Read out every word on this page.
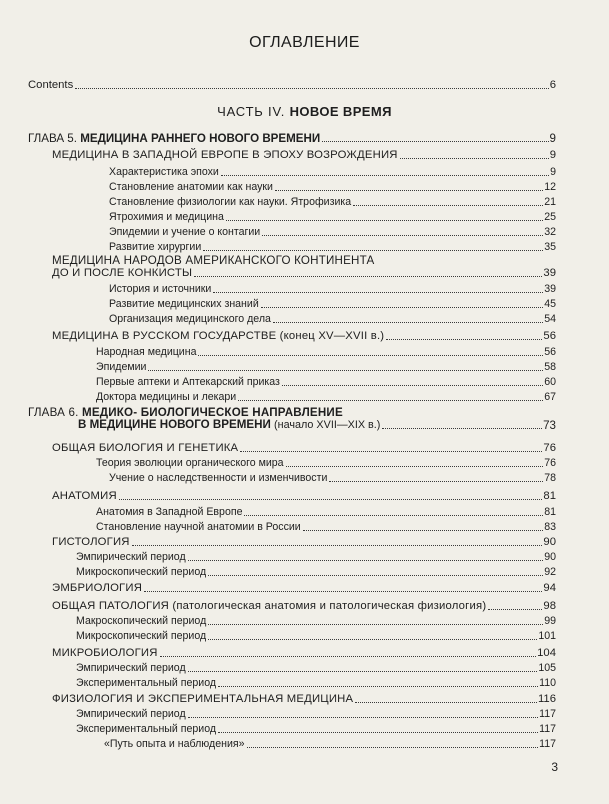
ОГЛАВЛЕНИЕ
Contents	6
ЧАСТЬ IV. НОВОЕ ВРЕМЯ
ГЛАВА 5. МЕДИЦИНА РАННЕГО НОВОГО ВРЕМЕНИ	9
МЕДИЦИНА В ЗАПАДНОЙ ЕВРОПЕ В ЭПОХУ ВОЗРОЖДЕНИЯ	9
Характеристика эпохи	9
Становление анатомии как науки	12
Становление физиологии как науки. Ятрофизика	21
Ятрохимия и медицина	25
Эпидемии и учение о контагии	32
Развитие хирургии	35
МЕДИЦИНА НАРОДОВ АМЕРИКАНСКОГО КОНТИНЕНТА
ДО И ПОСЛЕ КОНКИСТЫ	39
История и источники	39
Развитие медицинских знаний	45
Организация медицинского дела	54
МЕДИЦИНА В РУССКОМ ГОСУДАРСТВЕ (конец XV—XVII в.)	56
Народная медицина	56
Эпидемии	58
Первые аптеки и Аптекарский приказ	60
Доктора медицины и лекари	67
ГЛАВА 6. МЕДИКО- БИОЛОГИЧЕСКОЕ НАПРАВЛЕНИЕ
В МЕДИЦИНЕ НОВОГО ВРЕМЕНИ (начало XVII—XIX в.)	73
ОБЩАЯ БИОЛОГИЯ И ГЕНЕТИКА	76
Теория эволюции органического мира	76
Учение о наследственности и изменчивости	78
АНАТОМИЯ	81
Анатомия в Западной Европе	81
Становление научной анатомии в России	83
ГИСТОЛОГИЯ	90
Эмпирический период	90
Микроскопический период	92
ЭМБРИОЛОГИЯ	94
ОБЩАЯ ПАТОЛОГИЯ (патологическая анатомия и патологическая физиология)	98
Макроскопический период	99
Микроскопический период	101
МИКРОБИОЛОГИЯ	104
Эмпирический период	105
Экспериментальный период	110
ФИЗИОЛОГИЯ И ЭКСПЕРИМЕНТАЛЬНАЯ МЕДИЦИНА	116
Эмпирический период	117
Экспериментальный период	117
«Путь опыта и наблюдения»	117
3
